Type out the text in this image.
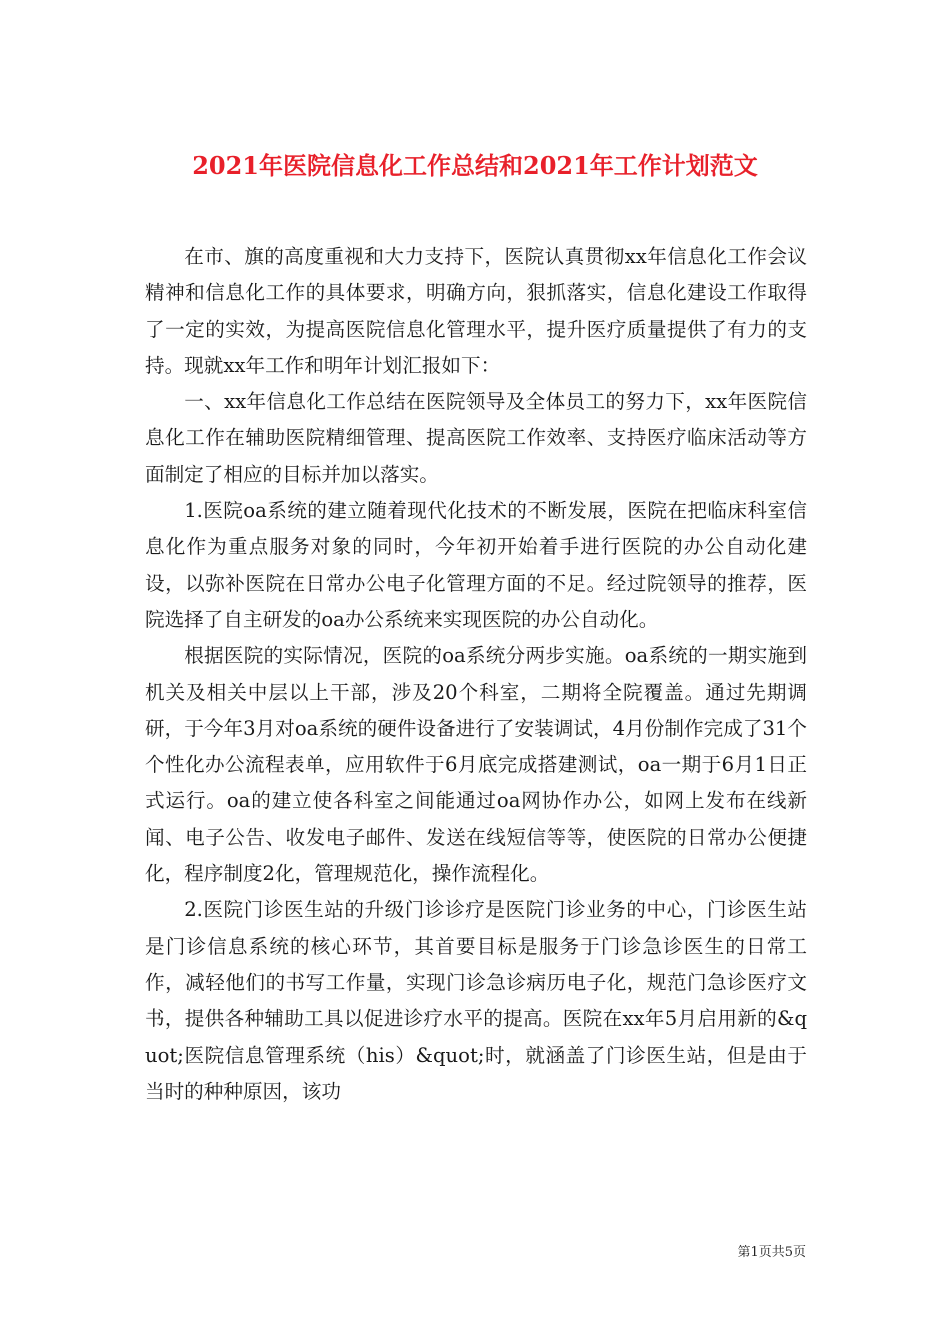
2021年医院信息化工作总结和2021年工作计划范文

在市、旗的高度重视和大力支持下，医院认真贯彻xx年信息化工作会议精神和信息化工作的具体要求，明确方向，狠抓落实，信息化建设工作取得了一定的实效，为提高医院信息化管理水平，提升医疗质量提供了有力的支持。现就xx年工作和明年计划汇报如下：

一、xx年信息化工作总结在医院领导及全体员工的努力下，xx年医院信息化工作在辅助医院精细管理、提高医院工作效率、支持医疗临床活动等方面制定了相应的目标并加以落实。

1.医院oa系统的建立随着现代化技术的不断发展，医院在把临床科室信息化作为重点服务对象的同时，今年初开始着手进行医院的办公自动化建设，以弥补医院在日常办公电子化管理方面的不足。经过院领导的推荐，医院选择了自主研发的oa办公系统来实现医院的办公自动化。

根据医院的实际情况，医院的oa系统分两步实施。oa系统的一期实施到机关及相关中层以上干部，涉及20个科室，二期将全院覆盖。通过先期调研，于今年3月对oa系统的硬件设备进行了安装调试，4月份制作完成了31个个性化办公流程表单，应用软件于6月底完成搭建测试，oa一期于6月1日正式运行。oa的建立使各科室之间能通过oa网协作办公，如网上发布在线新闻、电子公告、收发电子邮件、发送在线短信等等，使医院的日常办公便捷化，程序制度2化，管理规范化，操作流程化。

2.医院门诊医生站的升级门诊诊疗是医院门诊业务的中心，门诊医生站是门诊信息系统的核心环节，其首要目标是服务于门诊急诊医生的日常工作，减轻他们的书写工作量，实现门诊急诊病历电子化，规范门急诊医疗文书，提供各种辅助工具以促进诊疗水平的提高。医院在xx年5月启用新的&quot;医院信息管理系统（his）&quot;时，就涵盖了门诊医生站，但是由于当时的种种原因，该功

第1页共5页
